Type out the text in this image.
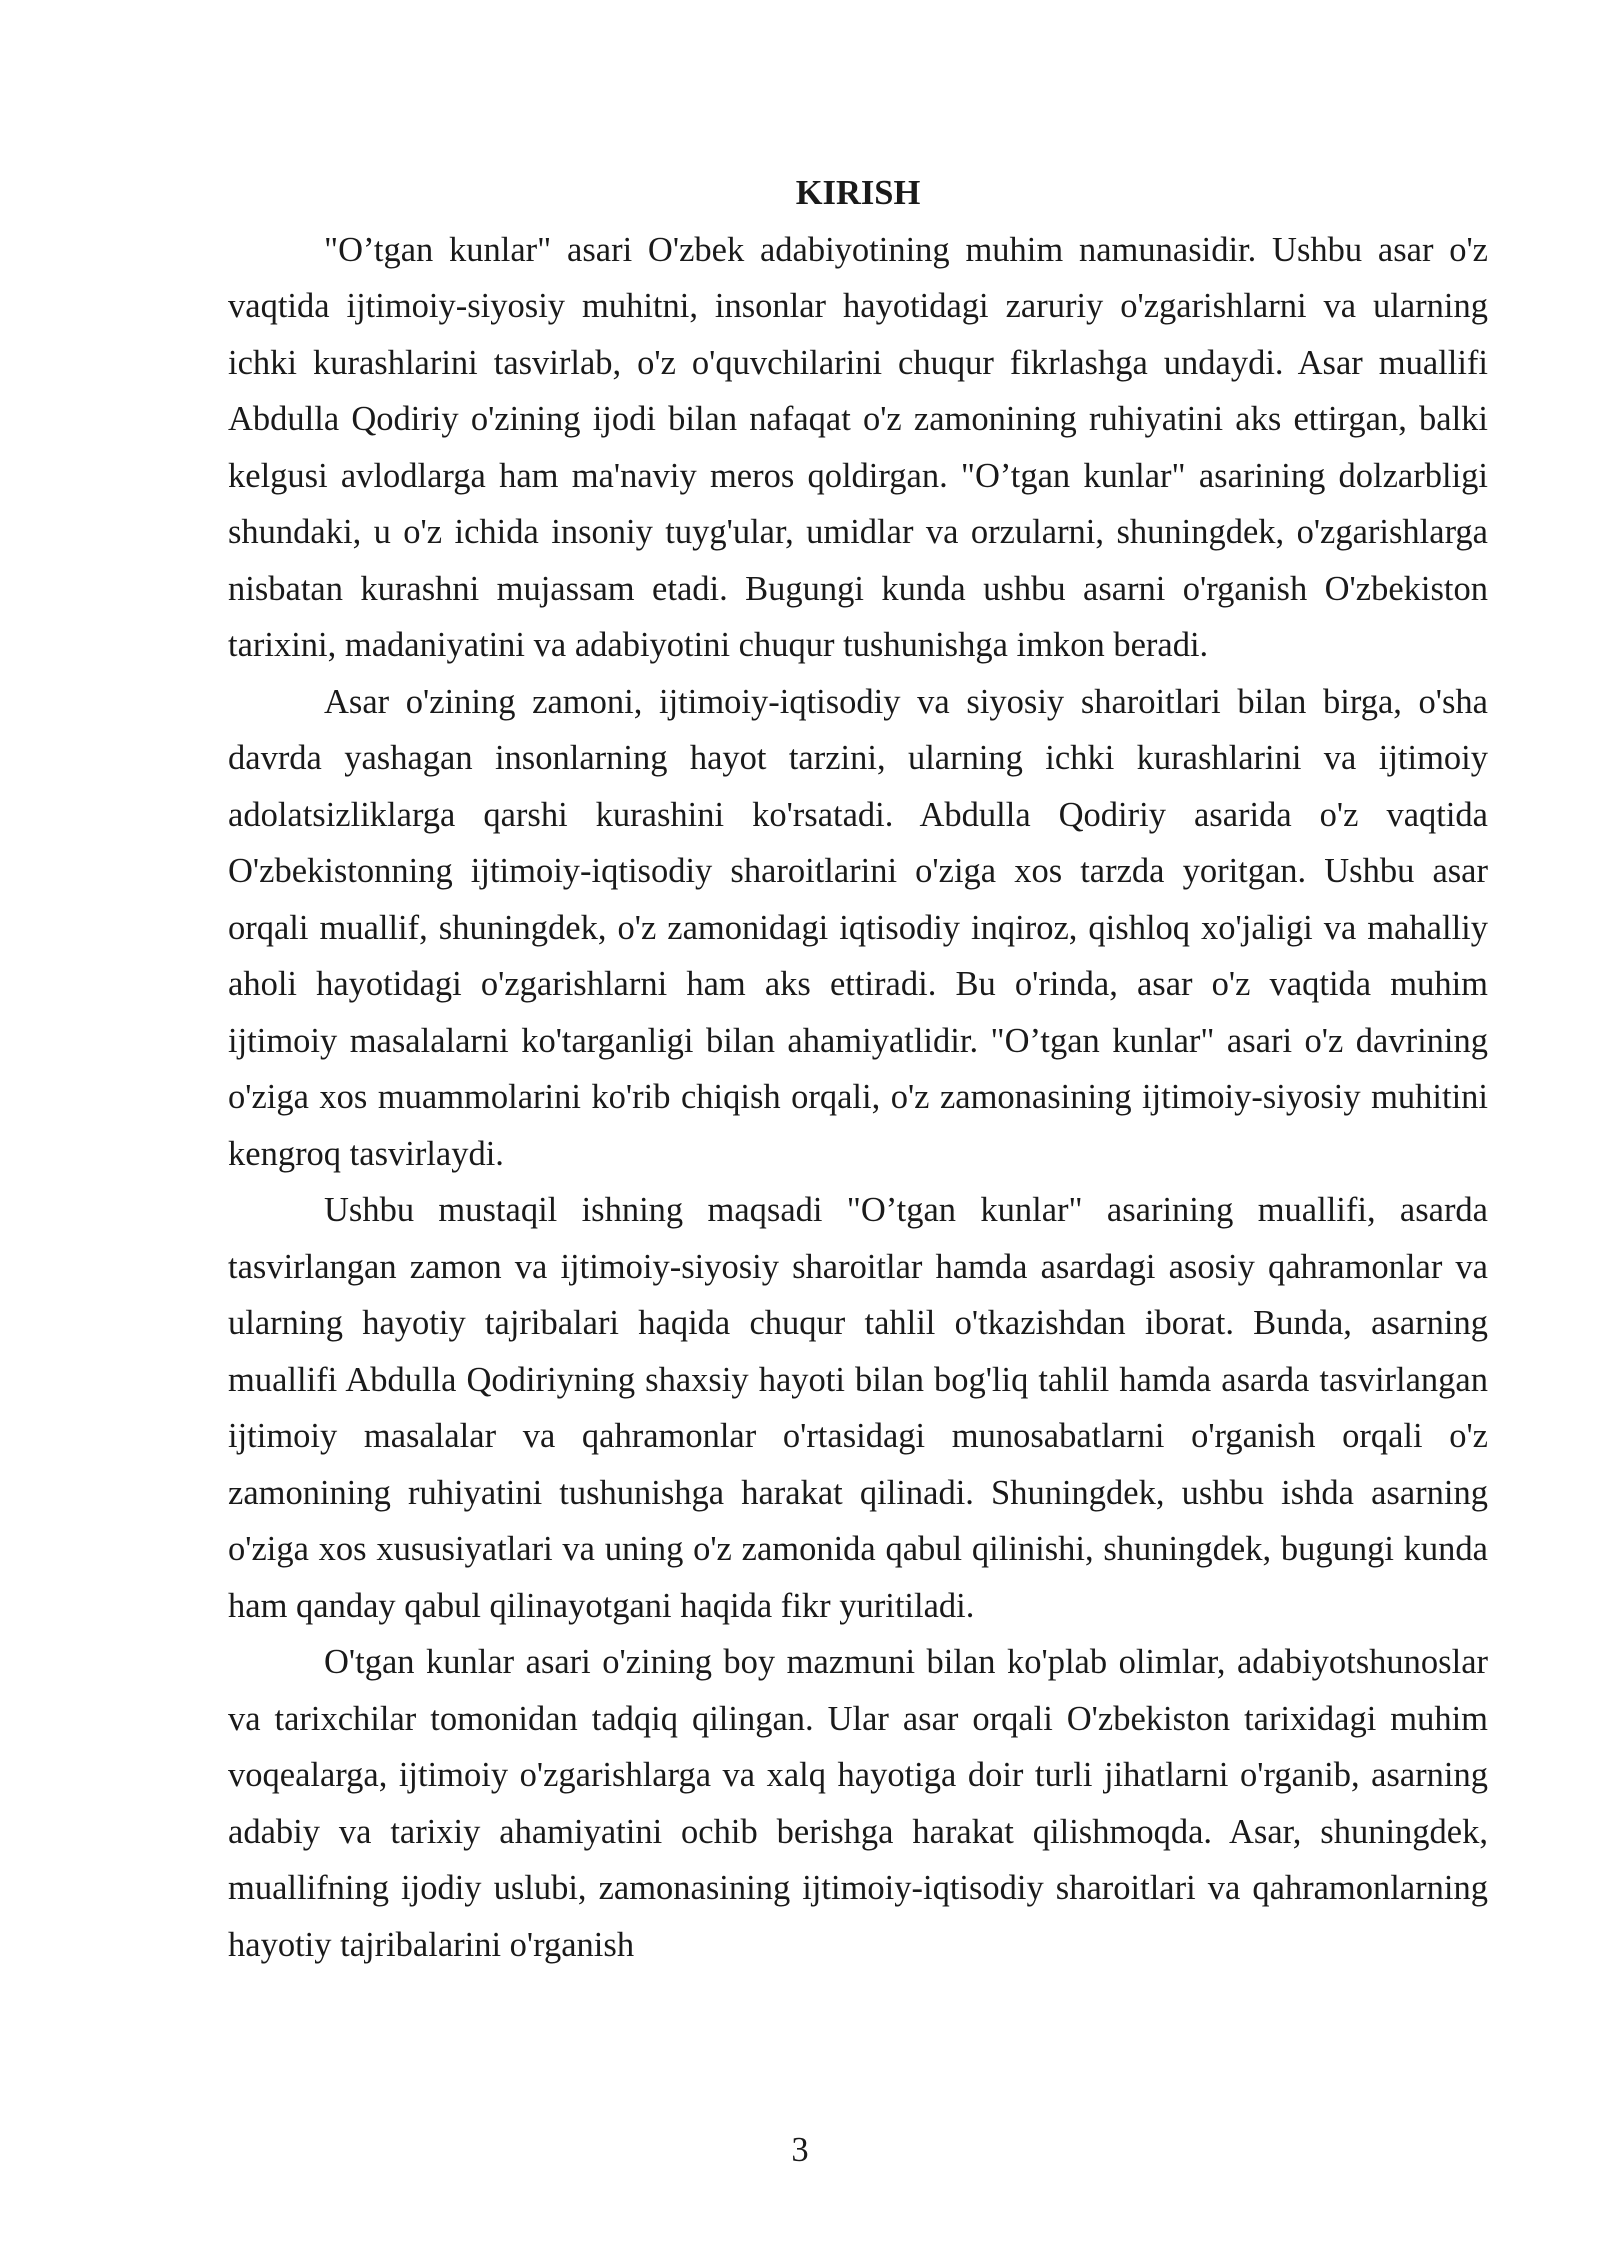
KIRISH

"O’tgan kunlar" asari O'zbek adabiyotining muhim namunasidir. Ushbu asar o'z vaqtida ijtimoiy-siyosiy muhitni, insonlar hayotidagi zaruriy o'zgarishlarni va ularning ichki kurashlarini tasvirlab, o'z o'quvchilarini chuqur fikrlashga undaydi. Asar muallifi Abdulla Qodiriy o'zining ijodi bilan nafaqat o'z zamonining ruhiyatini aks ettirgan, balki kelgusi avlodlarga ham ma'naviy meros qoldirgan. "O’tgan kunlar" asarining dolzarbligi shundaki, u o'z ichida insoniy tuyg'ular, umidlar va orzularni, shuningdek, o'zgarishlarga nisbatan kurashni mujassam etadi. Bugungi kunda ushbu asarni o'rganish O'zbekiston tarixini, madaniyatini va adabiyotini chuqur tushunishga imkon beradi.

Asar o'zining zamoni, ijtimoiy-iqtisodiy va siyosiy sharoitlari bilan birga, o'sha davrda yashagan insonlarning hayot tarzini, ularning ichki kurashlarini va ijtimoiy adolatsizliklarga qarshi kurashini ko'rsatadi. Abdulla Qodiriy asarida o'z vaqtida O'zbekistonning ijtimoiy-iqtisodiy sharoitlarini o'ziga xos tarzda yoritgan. Ushbu asar orqali muallif, shuningdek, o'z zamonidagi iqtisodiy inqiroz, qishloq xo'jaligi va mahalliy aholi hayotidagi o'zgarishlarni ham aks ettiradi. Bu o'rinda, asar o'z vaqtida muhim ijtimoiy masalalarni ko'targanligi bilan ahamiyatlidir. "O’tgan kunlar" asari o'z davrining o'ziga xos muammolarini ko'rib chiqish orqali, o'z zamonasining ijtimoiy-siyosiy muhitini kengroq tasvirlaydi.

Ushbu mustaqil ishning maqsadi "O’tgan kunlar" asarining muallifi, asarda tasvirlangan zamon va ijtimoiy-siyosiy sharoitlar hamda asardagi asosiy qahramonlar va ularning hayotiy tajribalari haqida chuqur tahlil o'tkazishdan iborat. Bunda, asarning muallifi Abdulla Qodiriyning shaxsiy hayoti bilan bog'liq tahlil hamda asarda tasvirlangan ijtimoiy masalalar va qahramonlar o'rtasidagi munosabatlarni o'rganish orqali o'z zamonining ruhiyatini tushunishga harakat qilinadi. Shuningdek, ushbu ishda asarning o'ziga xos xususiyatlari va uning o'z zamonida qabul qilinishi, shuningdek, bugungi kunda ham qanday qabul qilinayotgani haqida fikr yuritiladi.

O'tgan kunlar asari o'zining boy mazmuni bilan ko'plab olimlar, adabiyotshunoslar va tarixchilar tomonidan tadqiq qilingan. Ular asar orqali O'zbekiston tarixidagi muhim voqealarga, ijtimoiy o'zgarishlarga va xalq hayotiga doir turli jihatlarni o'rganib, asarning adabiy va tarixiy ahamiyatini ochib berishga harakat qilishmoqda. Asar, shuningdek, muallifning ijodiy uslubi, zamonasining ijtimoiy-iqtisodiy sharoitlari va qahramonlarning hayotiy tajribalarini o'rganish

3
